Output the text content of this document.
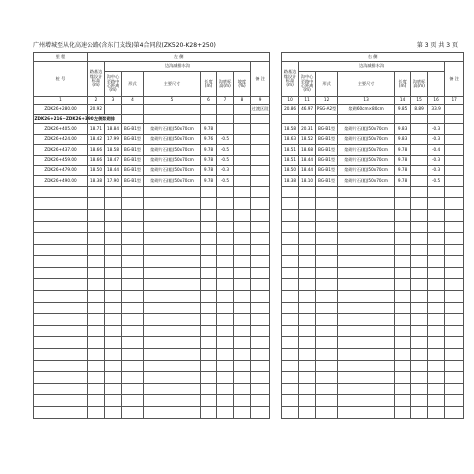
广州增城至从化高速公路(含东门支线)第4合同段(ZK520-K28+250)	第 3 页 共 3 页
里 程	左 侧									右 侧							
桩 号	路基边缘设计标高(m)	边沟减排水沟						备 注		路基边缘设计标高(m)	边沟减排水沟						备 注
		沟中心至路中心距离(m)	形式	主要尺寸	长度(m)	沟底标高(m)	坡度(%)				沟中心至路中心距离(m)	形式	主要尺寸	长度(m)	沟底标高(m)		
1	2	3	4	5	6	7	8	9		10	11	12	13	14	15	16	17
ZDK26+280.00	20.92							过渡区段		20.86	46.97	PSG-A2型	浆砌60cm×80cm	9.85	8.89	33.9	
ZDK26+216~ZDK26+390	左侧浆砌排																
ZDK26+405.00	18.71	18.84	BG-B1型	浆砌片石(粗)50x70cm	9.78					18.58	20.31	BG-B1型	浆砌片石(粗)50x70cm	9.83		-0.3	
ZDK26+424.00	18.42	17.99	BG-B1型	浆砌片石(粗)50x70cm	9.76	-0.5				18.63	18.52	BG-B1型	浆砌片石(粗)50x70cm	9.83		-0.3	
ZDK26+437.00	18.66	18.58	BG-B1型	浆砌片石(粗)50x70cm	9.78	-0.5				18.51	18.68	BG-B1型	浆砌片石(粗)50x70cm	9.78		-0.4	
ZDK26+459.00	18.66	18.47	BG-B1型	浆砌片石(粗)50x70cm	9.78	-0.5				18.51	18.44	BG-B1型	浆砌片石(粗)50x70cm	9.78		-0.3	
ZDK26+479.00	18.50	18.44	BG-B1型	浆砌片石(粗)50x70cm	9.78	-0.3				18.50	18.44	BG-B1型	浆砌片石(粗)50x70cm	9.78		-0.3	
ZDK26+490.00	18.38	17.90	BG-B1型	浆砌片石(粗)50x70cm	9.78	-0.5				18.38	18.10	BG-B1型	浆砌片石(粗)50x70cm	9.78		-0.5	
